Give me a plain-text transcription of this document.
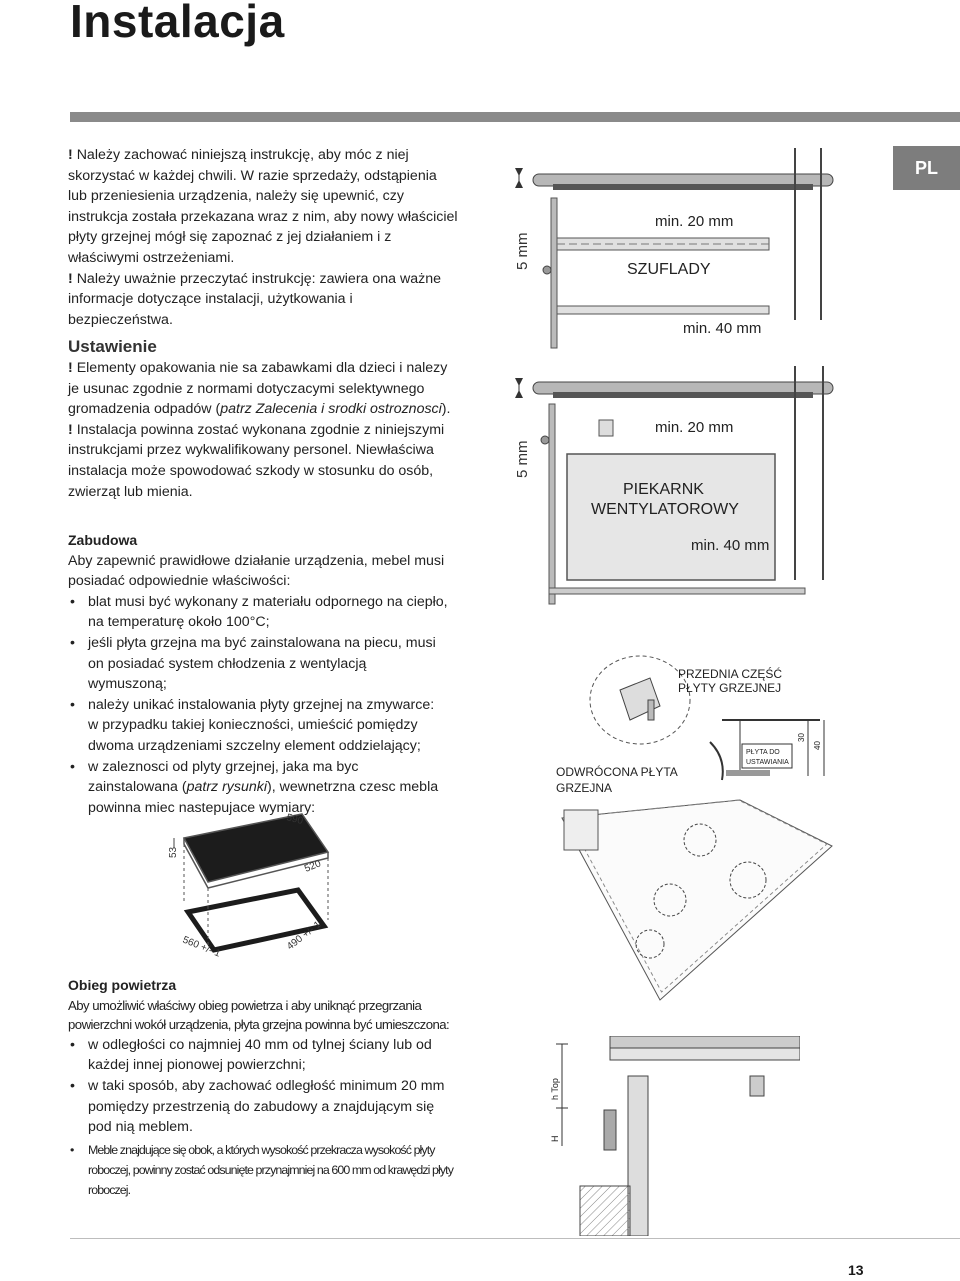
Instalacja
PL

! Należy zachować niniejszą instrukcję, aby móc z niej skorzystać w każdej chwili. W razie sprzedaży, odstąpienia lub przeniesienia urządzenia, należy się upewnić, czy instrukcja została przekazana wraz z nim, aby nowy właściciel płyty grzejnej mógł się zapoznać z jej działaniem i z właściwymi ostrzeżeniami.

! Należy uważnie przeczytać instrukcję: zawiera ona ważne informacje dotyczące instalacji, użytkowania i bezpieczeństwa.

Ustawienie

! Elementy opakowania nie sa zabawkami dla dzieci i nalezy je usunac zgodnie z normami dotyczacymi selektywnego gromadzenia odpadów (patrz Zalecenia i srodki ostroznosci).

! Instalacja powinna zostać wykonana zgodnie z niniejszymi instrukcjami przez wykwalifikowany personel. Niewłaściwa instalacja może spowodować szkody w stosunku do osób, zwierząt lub mienia.

Zabudowa

Aby zapewnić prawidłowe działanie urządzenia, mebel musi posiadać odpowiednie właściwości:

• blat musi być wykonany z materiału odpornego na ciepło, na temperaturę około 100°C;
• jeśli płyta grzejna ma być zainstalowana na piecu, musi on posiadać system chłodzenia z wentylacją wymuszoną;
• należy unikać instalowania płyty grzejnej na zmywarce: w przypadku takiej konieczności, umieścić pomiędzy dwoma urządzeniami szczelny element oddzielający;
• w zaleznosci od plyty grzejnej, jaka ma byc zainstalowana (patrz rysunki), wewnetrzna czesc mebla powinna miec nastepujace wymiary:

Obieg powietrza

Aby umożliwić właściwy obieg powietrza i aby uniknąć przegrzania powierzchni wokół urządzenia, płyta grzejna powinna być umieszczona:

• w odległości co najmniej 40 mm od tylnej ściany lub od każdej innej pionowej powierzchni;
• w taki sposób, aby zachować odległość minimum 20 mm pomiędzy przestrzenią do zabudowy a znajdującym się pod nią meblem.
• Meble znajdujące się obok, a których wysokość przekracza wysokość płyty roboczej, powinny zostać odsunięte przynajmniej na 600 mm od krawędzi płyty roboczej.
53
590
520
560 +/- 1	490 +/- 1
5 mm
min. 20 mm
SZUFLADY
min. 40 mm
5 mm
min. 20 mm
PIEKARNK
WENTYLATOROWY
min. 40 mm
PRZEDNIA CZĘŚĆ
PŁYTY GRZEJNEJ
PŁYTA DO
USTAWIANIA
30
40
ODWRÓCONA PŁYTA
GRZEJNA
h Top
H
13
